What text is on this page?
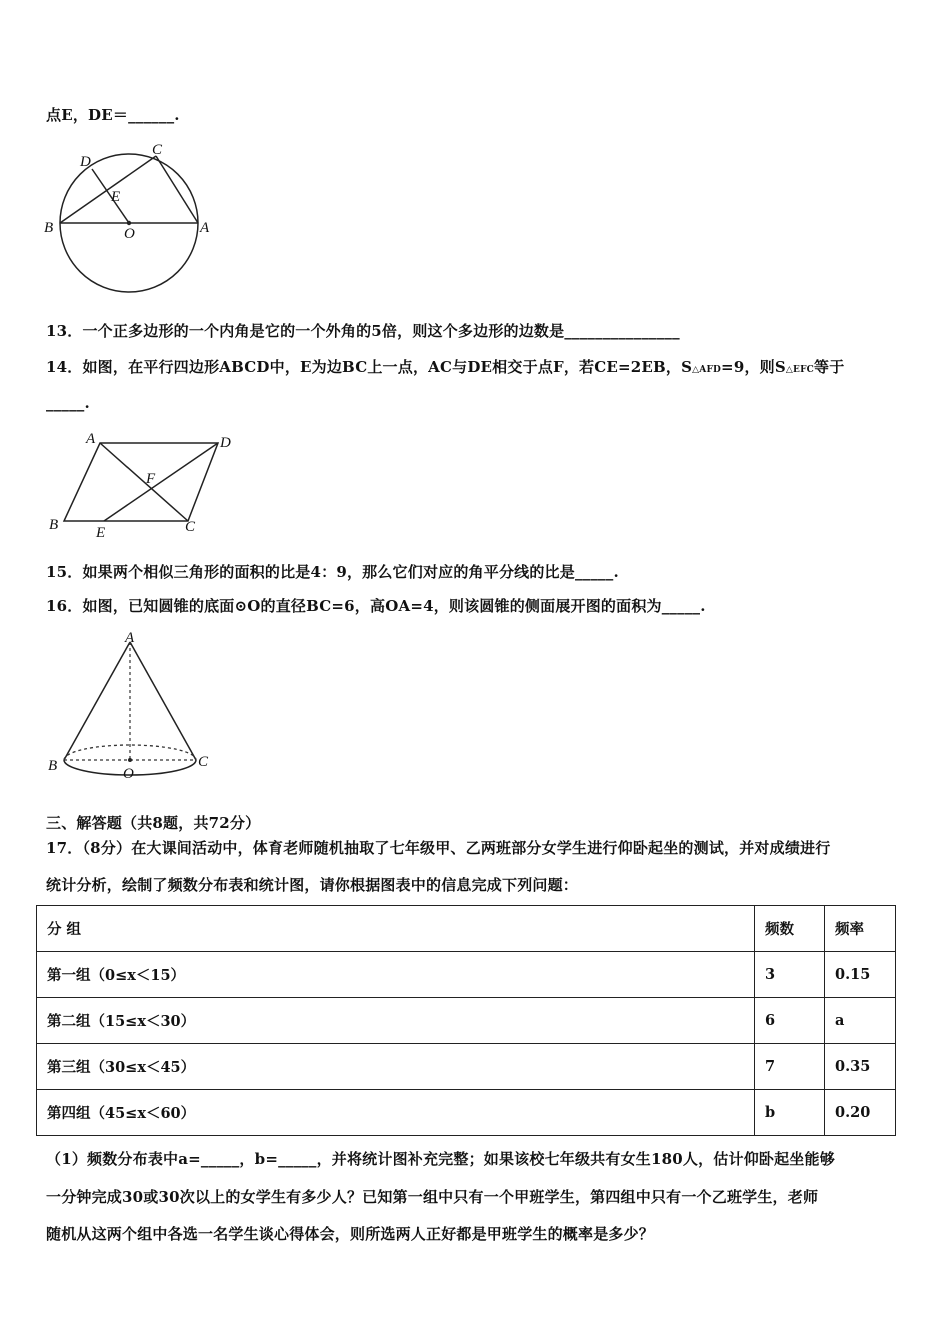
点E，DE＝______.
D
C
E
B	O	A
13．一个正多边形的一个内角是它的一个外角的5倍，则这个多边形的边数是_______________
14．如图，在平行四边形ABCD中，E为边BC上一点，AC与DE相交于点F，若CE=2EB，S△AFD=9，则S△EFC等于
_____.
A	D
F
B	E	C
15．如果两个相似三角形的面积的比是4：9，那么它们对应的角平分线的比是_____.
16．如图，已知圆锥的底面⊙O的直径BC=6，高OA=4，则该圆锥的侧面展开图的面积为_____.
A
B	O
C
三、解答题（共8题，共72分）
17．（8分）在大课间活动中，体育老师随机抽取了七年级甲、乙两班部分女学生进行仰卧起坐的测试，并对成绩进行
统计分析，绘制了频数分布表和统计图，请你根据图表中的信息完成下列问题：
分 组	频数	频率
第一组（0≤x＜15）	3	0.15
第二组（15≤x＜30）	6	a
第三组（30≤x＜45）	7	0.35
第四组（45≤x＜60）	b	0.20
（1）频数分布表中a=_____，b=_____，并将统计图补充完整；如果该校七年级共有女生180人，估计仰卧起坐能够
一分钟完成30或30次以上的女学生有多少人？已知第一组中只有一个甲班学生，第四组中只有一个乙班学生，老师
随机从这两个组中各选一名学生谈心得体会，则所选两人正好都是甲班学生的概率是多少？
